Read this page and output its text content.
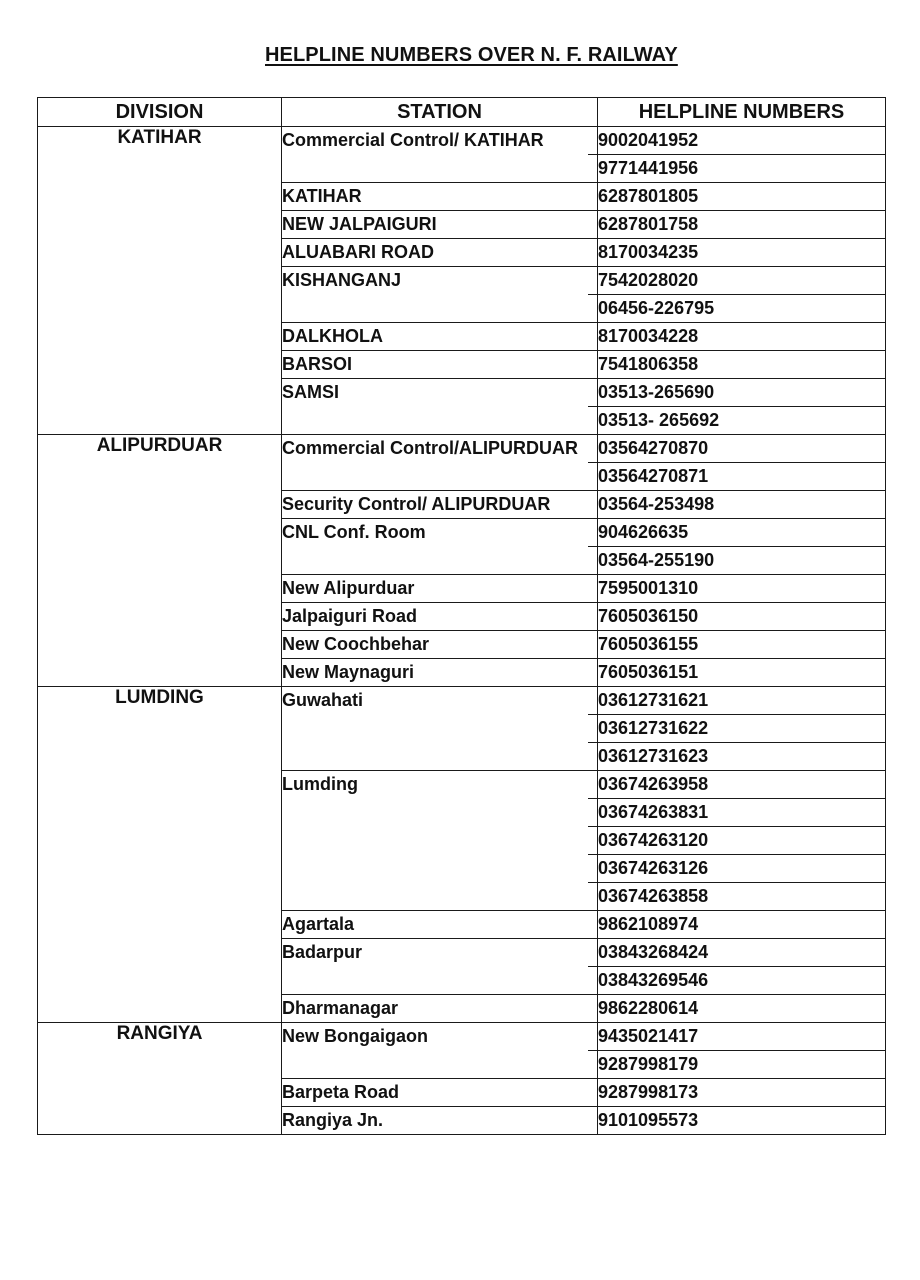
HELPLINE NUMBERS OVER N. F. RAILWAY
DIVISION	STATION	HELPLINE NUMBERS
KATIHAR	Commercial Control/ KATIHAR	9002041952
9771441956

	KATIHAR	6287801805

	NEW JALPAIGURI	6287801758

	ALUABARI ROAD	8170034235

	KISHANGANJ	7542028020
06456-226795

	DALKHOLA	8170034228

	BARSOI	7541806358

	SAMSI	03513-265690
03513- 265692

ALIPURDUAR	Commercial Control/ALIPURDUAR	03564270870
03564270871

	Security Control/ ALIPURDUAR	03564-253498

	CNL Conf. Room	904626635
03564-255190

	New Alipurduar	7595001310

	Jalpaiguri Road	7605036150

	New Coochbehar	7605036155

	New Maynaguri	7605036151

LUMDING	Guwahati	03612731621
03612731622
03612731623

	Lumding	03674263958
03674263831
03674263120
03674263126
03674263858

	Agartala	9862108974

	Badarpur	03843268424
03843269546

	Dharmanagar	9862280614

RANGIYA	New Bongaigaon	9435021417
9287998179

	Barpeta Road	9287998173

	Rangiya Jn.	9101095573
